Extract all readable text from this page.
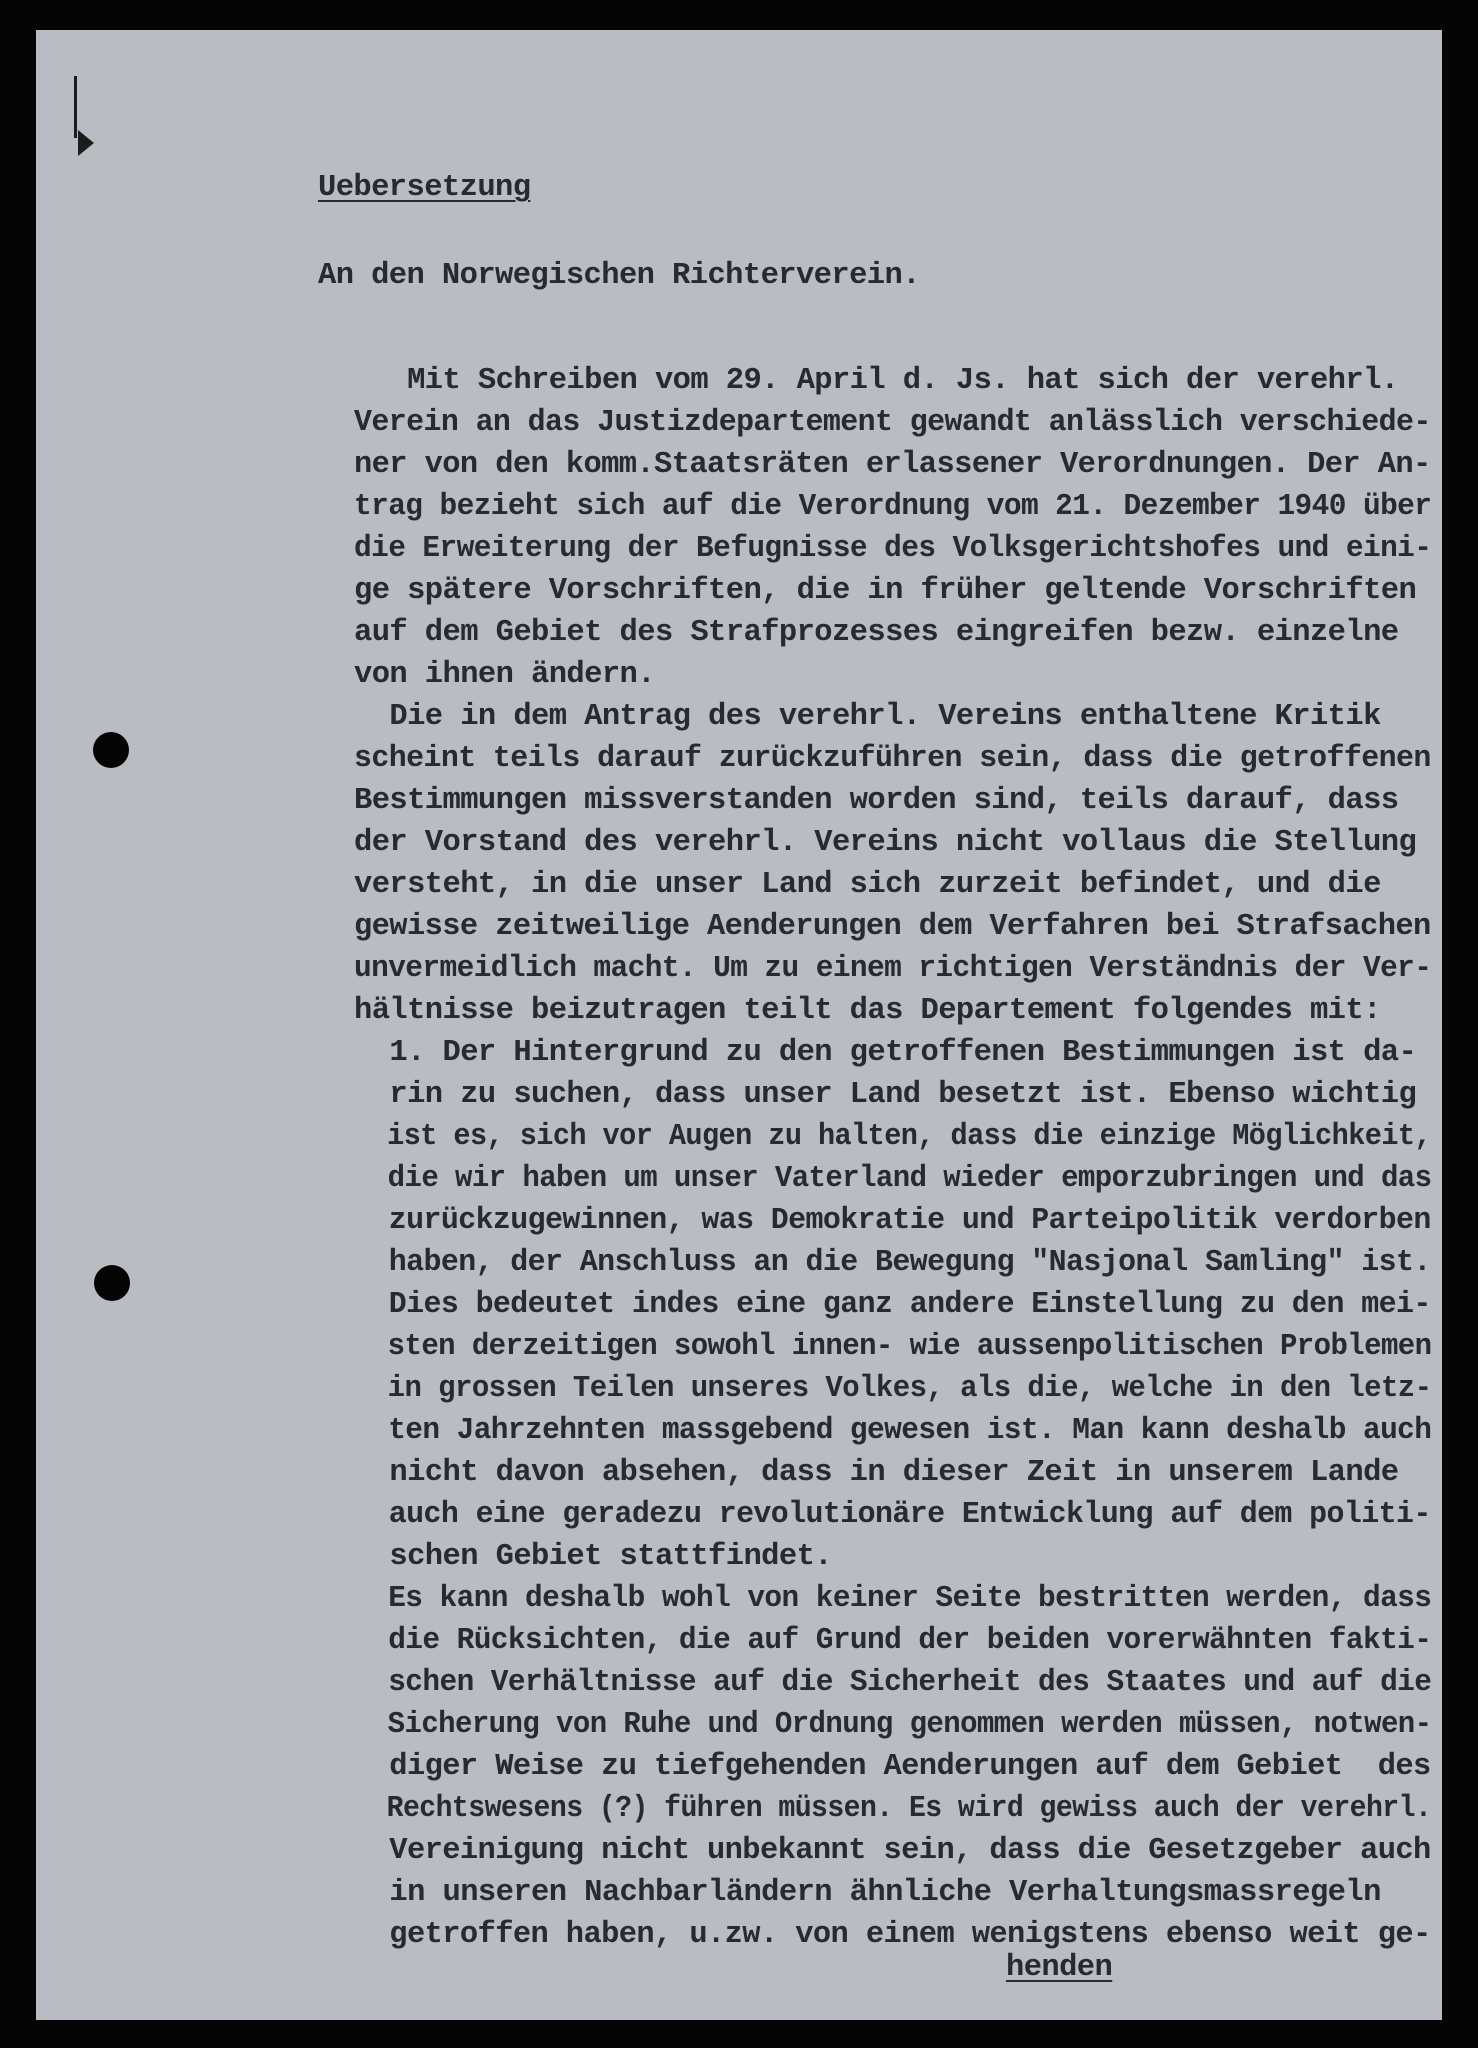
Uebersetzung

An den Norwegischen Richterverein.

Mit Schreiben vom 29. April d. Js. hat sich der verehrl.

Verein an das Justizdepartement gewandt anlässlich verschiede-

ner von den komm.Staatsräten erlassener Verordnungen. Der An-

trag bezieht sich auf die Verordnung vom 21. Dezember 1940 über

die Erweiterung der Befugnisse des Volksgerichtshofes und eini-

ge spätere Vorschriften, die in früher geltende Vorschriften

auf dem Gebiet des Strafprozesses eingreifen bezw. einzelne

von ihnen ändern.

Die in dem Antrag des verehrl. Vereins enthaltene Kritik

scheint teils darauf zurückzuführen sein, dass die getroffenen

Bestimmungen missverstanden worden sind, teils darauf, dass

der Vorstand des verehrl. Vereins nicht vollaus die Stellung

versteht, in die unser Land sich zurzeit befindet, und die

gewisse zeitweilige Aenderungen dem Verfahren bei Strafsachen

unvermeidlich macht. Um zu einem richtigen Verständnis der Ver-

hältnisse beizutragen teilt das Departement folgendes mit:

1. Der Hintergrund zu den getroffenen Bestimmungen ist da-

rin zu suchen, dass unser Land besetzt ist. Ebenso wichtig

ist es, sich vor Augen zu halten, dass die einzige Möglichkeit,

die wir haben um unser Vaterland wieder emporzubringen und das

zurückzugewinnen, was Demokratie und Parteipolitik verdorben

haben, der Anschluss an die Bewegung "Nasjonal Samling" ist.

Dies bedeutet indes eine ganz andere Einstellung zu den mei-

sten derzeitigen sowohl innen- wie aussenpolitischen Problemen

in grossen Teilen unseres Volkes, als die, welche in den letz-

ten Jahrzehnten massgebend gewesen ist. Man kann deshalb auch

nicht davon absehen, dass in dieser Zeit in unserem Lande

auch eine geradezu revolutionäre Entwicklung auf dem politi-

schen Gebiet stattfindet.

Es kann deshalb wohl von keiner Seite bestritten werden, dass

die Rücksichten, die auf Grund der beiden vorerwähnten fakti-

schen Verhältnisse auf die Sicherheit des Staates und auf die

Sicherung von Ruhe und Ordnung genommen werden müssen, notwen-

diger Weise zu tiefgehenden Aenderungen auf dem Gebiet  des

Rechtswesens (?) führen müssen. Es wird gewiss auch der verehrl.

Vereinigung nicht unbekannt sein, dass die Gesetzgeber auch

in unseren Nachbarländern ähnliche Verhaltungsmassregeln

getroffen haben, u.zw. von einem wenigstens ebenso weit ge-

henden
